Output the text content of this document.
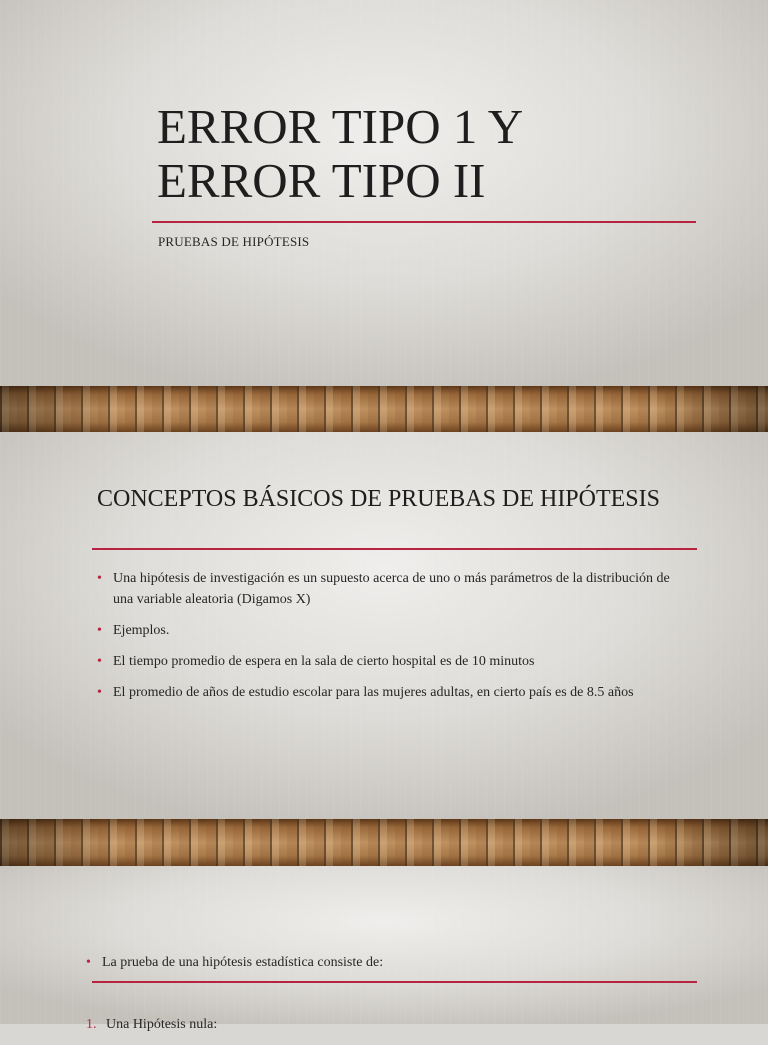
ERROR TIPO 1 Y
ERROR TIPO II

PRUEBAS DE HIPÓTESIS

CONCEPTOS BÁSICOS DE PRUEBAS DE HIPÓTESIS
• Una hipótesis de investigación es un supuesto acerca de uno o más parámetros de la distribución de una variable aleatoria (Digamos X)
• Ejemplos.
• El tiempo promedio de espera en la sala de cierto hospital es de 10 minutos
• El promedio de años de estudio escolar para las mujeres adultas, en cierto país es de 8.5 años
• La prueba de una hipótesis estadística consiste de:
1. Una Hipótesis nula:
